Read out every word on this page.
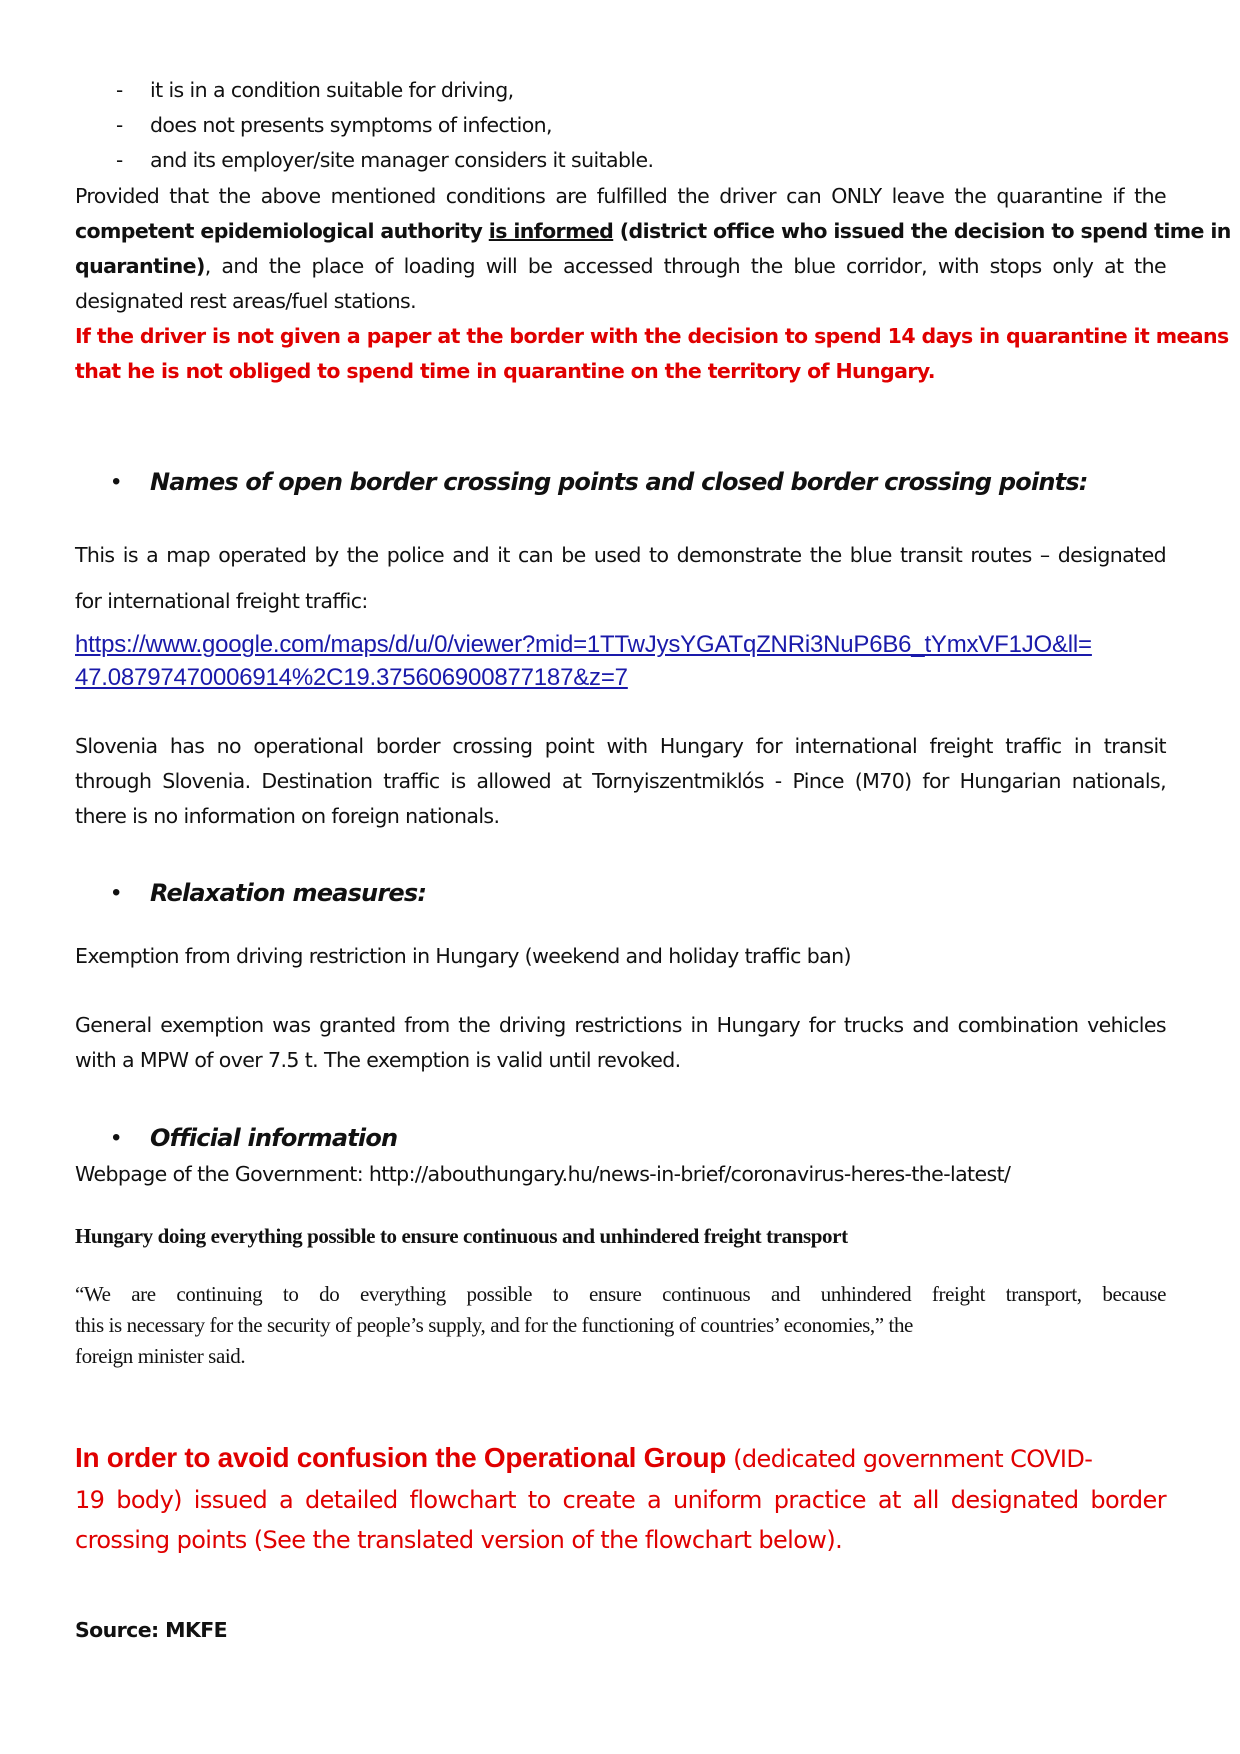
- it is in a condition suitable for driving,
- does not presents symptoms of infection,
- and its employer/site manager considers it suitable.
Provided that the above mentioned conditions are fulfilled the driver can ONLY leave the quarantine if the
competent epidemiological authority is informed (district office who issued the decision to spend time in
quarantine), and the place of loading will be accessed through the blue corridor, with stops only at the
designated rest areas/fuel stations.
If the driver is not given a paper at the border with the decision to spend 14 days in quarantine it means
that he is not obliged to spend time in quarantine on the territory of Hungary.
• Names of open border crossing points and closed border crossing points:
This is a map operated by the police and it can be used to demonstrate the blue transit routes – designated
for international freight traffic:
https://www.google.com/maps/d/u/0/viewer?mid=1TTwJysYGATqZNRi3NuP6B6_tYmxVF1JO&ll=
47.08797470006914%2C19.375606900877187&z=7
Slovenia has no operational border crossing point with Hungary for international freight traffic in transit
through Slovenia. Destination traffic is allowed at Tornyiszentmiklós - Pince (M70) for Hungarian nationals,
there is no information on foreign nationals.
• Relaxation measures:
Exemption from driving restriction in Hungary (weekend and holiday traffic ban)
General exemption was granted from the driving restrictions in Hungary for trucks and combination vehicles
with a MPW of over 7.5 t. The exemption is valid until revoked.
• Official information
Webpage of the Government: http://abouthungary.hu/news-in-brief/coronavirus-heres-the-latest/
Hungary doing everything possible to ensure continuous and unhindered freight transport
“We are continuing to do everything possible to ensure continuous and unhindered freight transport, because
this is necessary for the security of people’s supply, and for the functioning of countries’ economies,” the
foreign minister said.
In order to avoid confusion the Operational Group (dedicated government COVID-
19 body) issued a detailed flowchart to create a uniform practice at all designated border
crossing points (See the translated version of the flowchart below).
Source: MKFE
